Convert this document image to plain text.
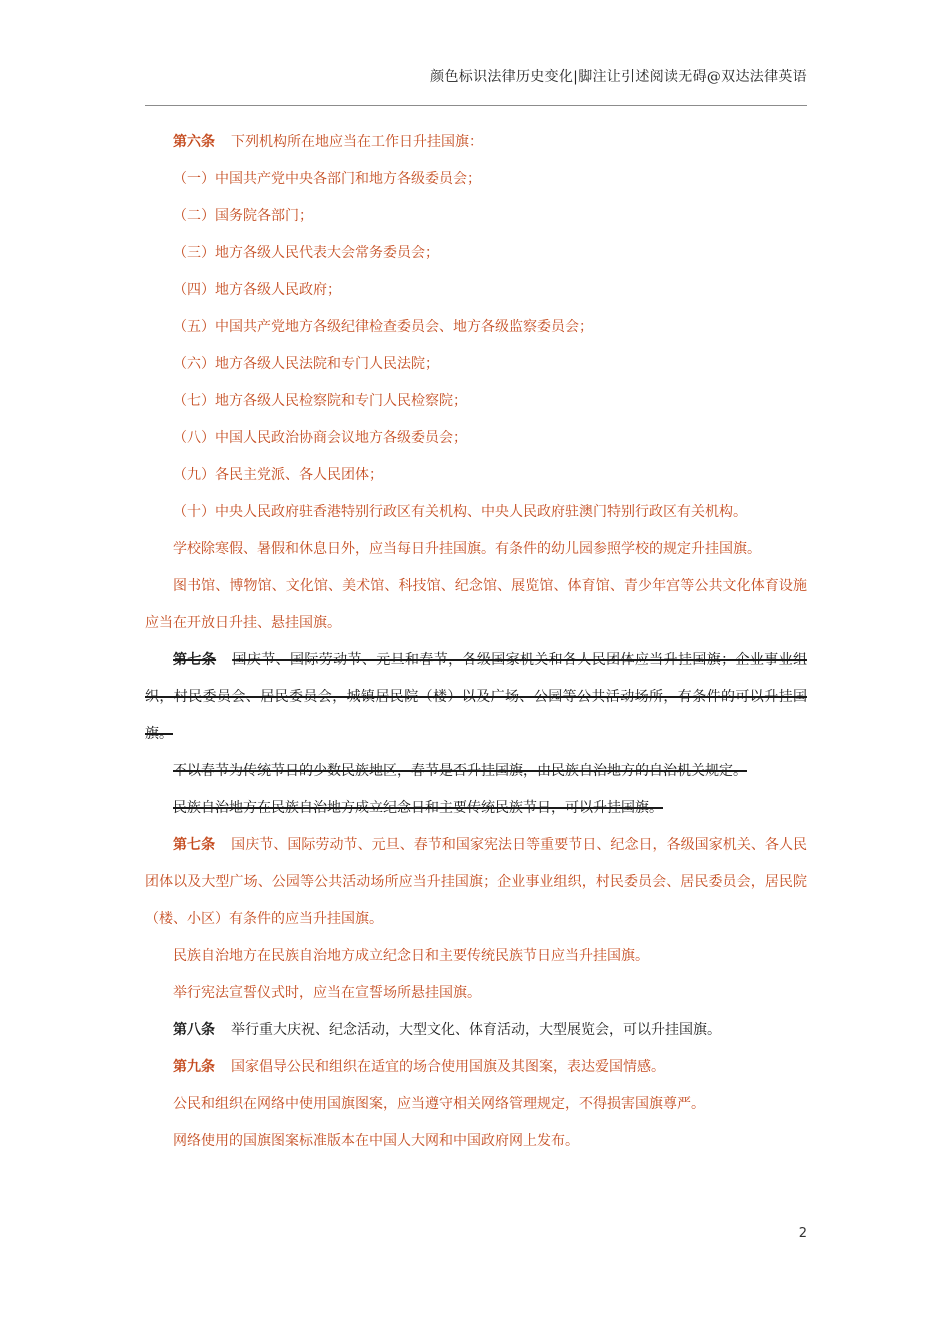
颜色标识法律历史变化|脚注让引述阅读无碍@双达法律英语

第六条 下列机构所在地应当在工作日升挂国旗：

（一）中国共产党中央各部门和地方各级委员会；

（二）国务院各部门；

（三）地方各级人民代表大会常务委员会；

（四）地方各级人民政府；

（五）中国共产党地方各级纪律检查委员会、地方各级监察委员会；

（六）地方各级人民法院和专门人民法院；

（七）地方各级人民检察院和专门人民检察院；

（八）中国人民政治协商会议地方各级委员会；

（九）各民主党派、各人民团体；

（十）中央人民政府驻香港特别行政区有关机构、中央人民政府驻澳门特别行政区有关机构。

学校除寒假、暑假和休息日外，应当每日升挂国旗。有条件的幼儿园参照学校的规定升挂国旗。

图书馆、博物馆、文化馆、美术馆、科技馆、纪念馆、展览馆、体育馆、青少年宫等公共文化体育设施应当在开放日升挂、悬挂国旗。

第七条 国庆节、国际劳动节、元旦和春节，各级国家机关和各人民团体应当升挂国旗；企业事业组织，村民委员会、居民委员会，城镇居民院（楼）以及广场、公园等公共活动场所，有条件的可以升挂国旗。

不以春节为传统节日的少数民族地区，春节是否升挂国旗，由民族自治地方的自治机关规定。

民族自治地方在民族自治地方成立纪念日和主要传统民族节日，可以升挂国旗。

第七条 国庆节、国际劳动节、元旦、春节和国家宪法日等重要节日、纪念日，各级国家机关、各人民团体以及大型广场、公园等公共活动场所应当升挂国旗；企业事业组织，村民委员会、居民委员会，居民院（楼、小区）有条件的应当升挂国旗。

民族自治地方在民族自治地方成立纪念日和主要传统民族节日应当升挂国旗。

举行宪法宣誓仪式时，应当在宣誓场所悬挂国旗。

第八条 举行重大庆祝、纪念活动，大型文化、体育活动，大型展览会，可以升挂国旗。

第九条 国家倡导公民和组织在适宜的场合使用国旗及其图案，表达爱国情感。

公民和组织在网络中使用国旗图案，应当遵守相关网络管理规定，不得损害国旗尊严。

网络使用的国旗图案标准版本在中国人大网和中国政府网上发布。

2
